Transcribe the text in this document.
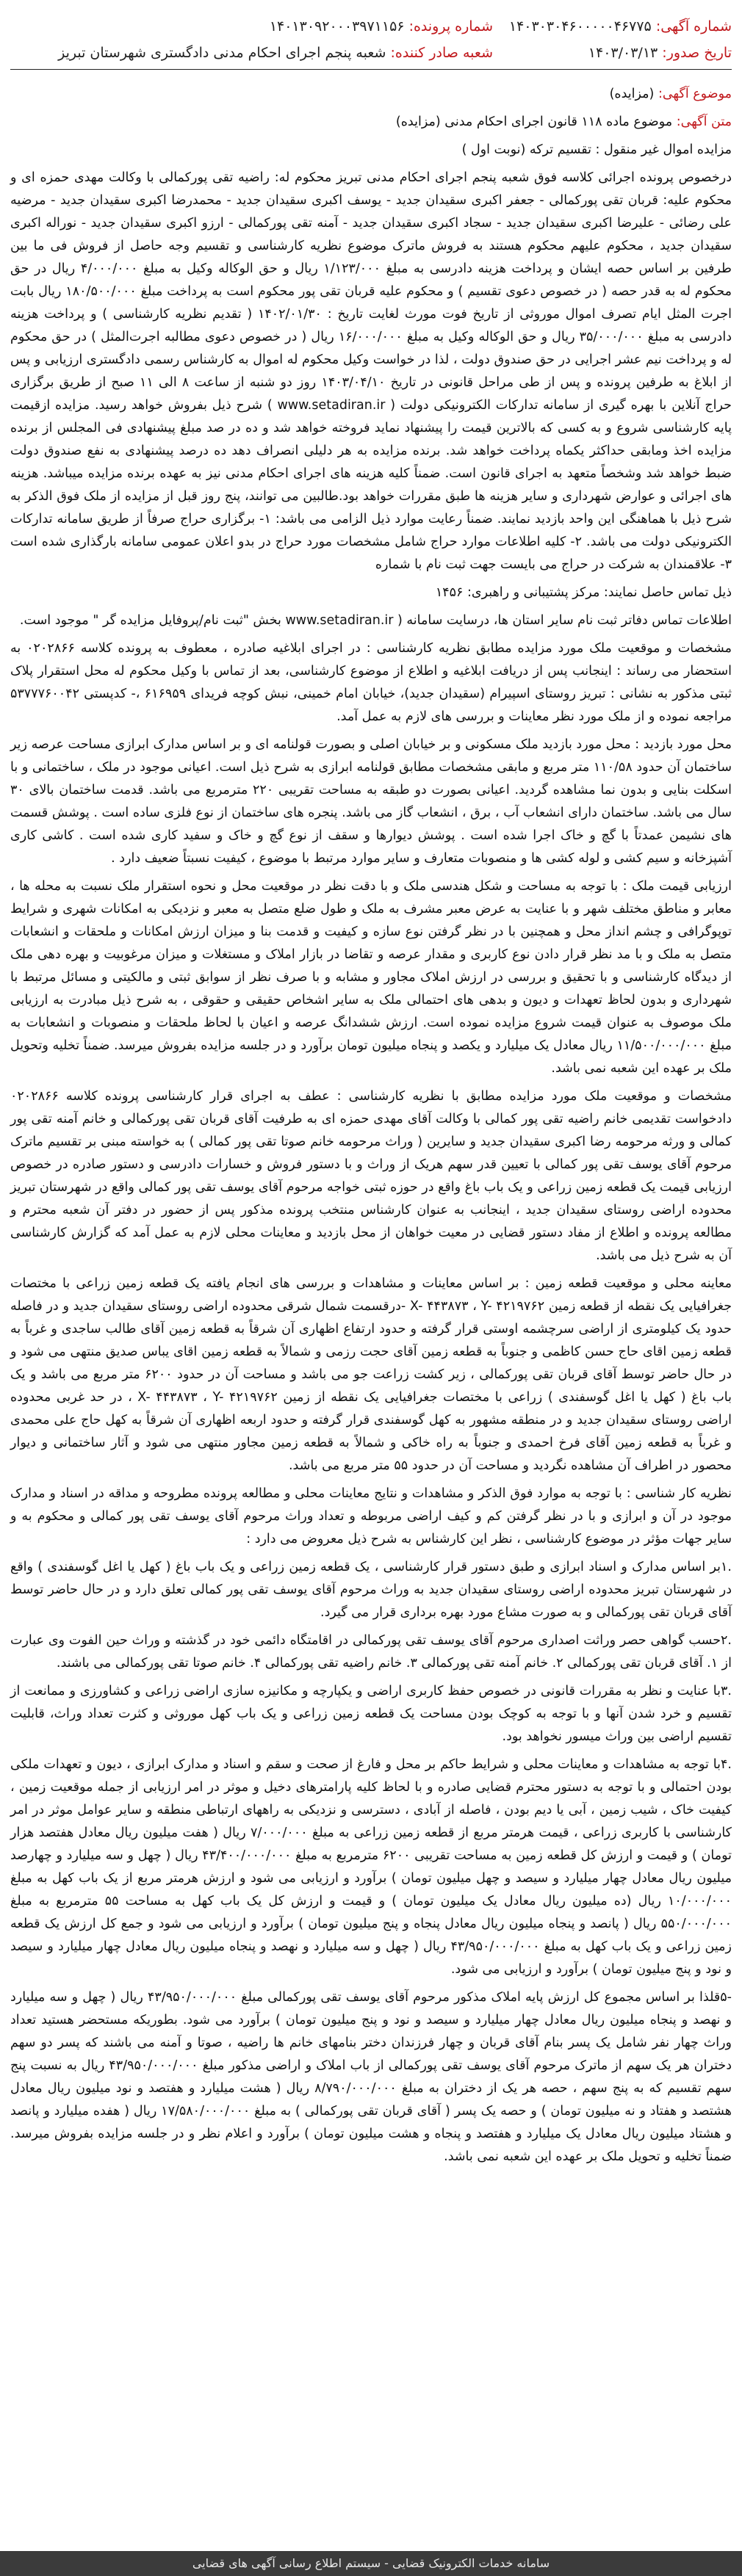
شماره آگهی: ۱۴۰۳۰۳۰۴۶۰۰۰۰۰۴۶۷۷۵
شماره پرونده: ۱۴۰۱۳۰۹۲۰۰۰۳۹۷۱۱۵۶
تاریخ صدور: ۱۴۰۳/۰۳/۱۳
شعبه صادر کننده: شعبه پنجم اجرای احکام مدنی دادگستری شهرستان تبریز

موضوع آگهی: (مزایده)

متن آگهی: موضوع ماده ۱۱۸ قانون اجرای احکام مدنی (مزایده)

مزایده اموال غیر منقول : تقسیم ترکه (نوبت اول )

درخصوص پرونده اجرائی کلاسه فوق شعبه پنجم اجرای احکام مدنی تبریز محکوم له: راضیه تقی پورکمالی با وکالت مهدی حمزه ای و محکوم علیه: قربان تقی پورکمالی - جعفر اکبری سقیدان جدید - یوسف اکبری سقیدان جدید - محمدرضا اکبری سقیدان جدید - مرضیه علی رضائی - علیرضا اکبری سقیدان جدید - سجاد اکبری سقیدان جدید - آمنه تقی پورکمالی - ارزو اکبری سقیدان جدید - نوراله اکبری سقیدان جدید ، محکوم علیهم محکوم هستند به فروش ماترک موضوع نظریه کارشناسی و تقسیم وجه حاصل از فروش فی ما بین طرفین بر اساس حصه ایشان و پرداخت هزینه دادرسی به مبلغ ۱/۱۲۳/۰۰۰ ریال و حق الوکاله وکیل به مبلغ ۴/۰۰۰/۰۰۰ ریال در حق محکوم له به قدر حصه ( در خصوص دعوی تقسیم ) و محکوم علیه قربان تقی پور محکوم است به پرداخت مبلغ ۱۸۰/۵۰۰/۰۰۰ ریال بابت اجرت المثل ایام تصرف اموال موروثی از تاریخ فوت مورث لغایت تاریخ : ۱۴۰۲/۰۱/۳۰ ( تقدیم نظریه کارشناسی ) و پرداخت هزینه دادرسی به مبلغ ۳۵/۰۰۰/۰۰۰ ریال و حق الوکاله وکیل به مبلغ ۱۶/۰۰۰/۰۰۰ ریال ( در خصوص دعوی مطالبه اجرت‌المثل ) در حق محکوم له و پرداخت نیم عشر اجرایی در حق صندوق دولت ، لذا در خواست وکیل محکوم له اموال به کارشناس رسمی دادگستری ارزیابی و پس از ابلاغ به طرفین پرونده و پس از طی مراحل قانونی در تاریخ ۱۴۰۳/۰۴/۱۰ روز دو شنبه از ساعت ۸ الی ۱۱ صبح از طریق برگزاری حراج آنلاین با بهره گیری از سامانه تدارکات الکترونیکی دولت ( www.setadiran.ir ) شرح ذیل بفروش خواهد رسید. مزایده ازقیمت پایه کارشناسی شروع و به کسی که بالاترین قیمت را پیشنهاد نماید فروخته خواهد شد و ده در صد مبلغ پیشنهادی فی المجلس از برنده مزایده اخذ ومابقی حداکثر یکماه پرداخت خواهد شد. برنده مزایده به هر دلیلی انصراف دهد ده درصد پیشنهادی به نفع صندوق دولت ضبط خواهد شد وشخصاً متعهد به اجرای قانون است. ضمناً کلیه هزینه های اجرای احکام مدنی نیز به عهده برنده مزایده میباشد. هزینه های اجرائی و عوارض شهرداری و سایر هزینه ها طبق مقررات خواهد بود.طالبین می توانند، پنج روز قبل از مزایده از ملک فوق الذکر به شرح ذیل با هماهنگی این واحد بازدید نمایند. ضمناً رعایت موارد ذیل الزامی می باشد: ۱- برگزاری حراج صرفاً از طریق سامانه تدارکات الکترونیکی دولت می باشد. ۲- کلیه اطلاعات موارد حراج شامل مشخصات مورد حراج در بدو اعلان عمومی سامانه بارگذاری شده است ۳- علاقمندان به شرکت در حراج می بایست جهت ثبت نام با شماره

ذیل تماس حاصل نمایند: مرکز پشتیبانی و راهبری: ۱۴۵۶

اطلاعات تماس دفاتر ثبت نام سایر استان ها، درسایت سامانه ( www.setadiran.ir بخش "ثبت نام/پروفایل مزایده گر " موجود است.

مشخصات و موقعیت ملک مورد مزایده مطابق نظریه کارشناسی : در اجرای ابلاغیه صادره ، معطوف به پرونده کلاسه ۰۲۰۲۸۶۶ به استحضار می رساند : اینجانب پس از دریافت ابلاغیه و اطلاع از موضوع کارشناسی، بعد از تماس با وکیل محکوم له محل استقرار پلاک ثبتی مذکور به نشانی : تبریز روستای اسپیرام (سقیدان جدید)، خیابان امام خمینی، نبش کوچه فریدای ۶۱۶۹۵۹ ،- کدپستی ۵۳۷۷۷۶۰۰۴۲ مراجعه نموده و از ملک مورد نظر معاینات و بررسی های لازم به عمل آمد.

محل مورد بازدید : محل مورد بازدید ملک مسکونی و بر خیابان اصلی و بصورت قولنامه ای و بر اساس مدارک ابرازی مساحت عرصه زیر ساختمان آن حدود ۱۱۰/۵۸ متر مربع و مابقی مشخصات مطابق قولنامه ابرازی به شرح ذیل است. اعیانی موجود در ملک ، ساختمانی و با اسکلت بنایی و بدون نما مشاهده گردید. اعیانی بصورت دو طبقه به مساحت تقریبی ۲۲۰ مترمربع می باشد. قدمت ساختمان بالای ۳۰ سال می باشد. ساختمان دارای انشعاب آب ، برق ، انشعاب گاز می باشد. پنجره های ساختمان از نوع فلزی ساده است . پوشش قسمت های نشیمن عمدتاً با گچ و خاک اجرا شده است . پوشش دیوارها و سقف از نوع گچ و خاک و سفید کاری شده است . کاشی کاری آشپزخانه و سیم کشی و لوله کشی ها و منصوبات متعارف و سایر موارد مرتبط با موضوع ، کیفیت نسبتاً ضعیف دارد .

ارزیابی قیمت ملک : با توجه به مساحت و شکل هندسی ملک و با دقت نظر در موقعیت محل و نحوه استقرار ملک نسبت به محله ها ، معابر و مناطق مختلف شهر و با عنایت به عرض معبر مشرف به ملک و طول ضلع متصل به معبر و نزدیکی به امکانات شهری و شرایط توپوگرافی و چشم انداز محل و همچنین با در نظر گرفتن نوع سازه و کیفیت و قدمت بنا و میزان ارزش امکانات و ملحقات و انشعابات متصل به ملک و با مد نظر قرار دادن نوع کاربری و مقدار عرصه و تقاضا در بازار املاک و مستغلات و میزان مرغوبیت و بهره دهی ملک از دیدگاه کارشناسی و با تحقیق و بررسی در ارزش املاک مجاور و مشابه و با صرف نظر از سوابق ثبتی و مالکیتی و مسائل مرتبط با شهرداری و بدون لحاظ تعهدات و دیون و بدهی های احتمالی ملک به سایر اشخاص حقیقی و حقوقی ، به شرح ذیل مبادرت به ارزیابی ملک موصوف به عنوان قیمت شروع مزایده نموده است. ارزش ششدانگ عرصه و اعیان با لحاظ ملحقات و منصوبات و انشعابات به مبلغ ۱۱/۵۰۰/۰۰۰/۰۰۰ ریال معادل یک میلیارد و یکصد و پنجاه میلیون تومان برآورد و در جلسه مزایده بفروش میرسد. ضمناً تخلیه وتحویل ملک بر عهده این شعبه نمی باشد.

مشخصات و موقعیت ملک مورد مزایده مطابق با نظریه کارشناسی : عطف به اجرای قرار کارشناسی پرونده کلاسه ۰۲۰۲۸۶۶ دادخواست تقدیمی خانم راضیه تقی پور کمالی با وکالت آقای مهدی حمزه ای به طرفیت آقای قربان تقی پورکمالی و خانم آمنه تقی پور کمالی و ورثه مرحومه رضا اکبری سقیدان جدید و سایرین ( وراث مرحومه خانم صوتا تقی پور کمالی ) به خواسته مبنی بر تقسیم ماترک مرحوم آقای یوسف تقی پور کمالی با تعیین قدر سهم هریک از وراث و با دستور فروش و خسارات دادرسی و دستور صادره در خصوص ارزیابی قیمت یک قطعه زمین زراعی و یک باب باغ واقع در حوزه ثبتی خواجه مرحوم آقای یوسف تقی پور کمالی واقع در شهرستان تبریز محدوده اراضی روستای سقیدان جدید ، اینجانب به عنوان کارشناس منتخب پرونده مذکور پس از حضور در دفتر آن شعبه محترم و مطالعه پرونده و اطلاع از مفاد دستور قضایی در معیت خواهان از محل بازدید و معاینات محلی لازم به عمل آمد که گزارش کارشناسی آن به شرح ذیل می باشد.

معاینه محلی و موقعیت قطعه زمین : بر اساس معاینات و مشاهدات و بررسی های انجام یافته یک قطعه زمین زراعی با مختصات جغرافیایی یک نقطه از قطعه زمین X- ۴۴۳۸۷۳ ، Y- ۴۲۱۹۷۶۲ -درقسمت شمال شرقی محدوده اراضی روستای سقیدان جدید و در فاصله حدود یک کیلومتری از اراضی سرچشمه اوستی قرار گرفته و حدود ارتفاع اظهاری آن شرقاً به قطعه زمین آقای طالب ساجدی و غرباً به قطعه زمین اقای حاج حسن کاظمی و جنوباً به قطعه زمین آقای حجت رزمی و شمالاً به قطعه زمین اقای یباس صدیق منتهی می شود و در حال حاضر توسط آقای قربان تقی پورکمالی ، زیر کشت زراعت جو می باشد و مساحت آن در حدود ۶۲۰۰ متر مربع می باشد و یک باب باغ ( کهل یا اغل گوسفندی ) زراعی با مختصات جغرافیایی یک نقطه از زمین X- ۴۴۳۸۷۳ ، Y- ۴۲۱۹۷۶۲ ، در حد غربی محدوده اراضی روستای سقیدان جدید و در منطقه مشهور به کهل گوسفندی قرار گرفته و حدود اربعه اظهاری آن شرقاً به کهل حاج علی محمدی و غرباً به قطعه زمین آقای فرخ احمدی و جنوباً به راه خاکی و شمالاً به قطعه زمین مجاور منتهی می شود و آثار ساختمانی و دیوار محصور در اطراف آن مشاهده نگردید و مساحت آن در حدود ۵۵ متر مربع می باشد.

نظریه کار شناسی : با توجه به موارد فوق الذکر و مشاهدات و نتایج معاینات محلی و مطالعه پرونده مطروحه و مداقه در اسناد و مدارک موجود در آن و ابرازی و با در نظر گرفتن کم و کیف اراضی مربوطه و تعداد وراث مرحوم آقای یوسف تقی پور کمالی و محکوم به و سایر جهات مؤثر در موضوع کارشناسی ، نظر این کارشناس به شرح ذیل معروض می دارد :

.۱بر اساس مدارک و اسناد ابرازی و طبق دستور قرار کارشناسی ، یک قطعه زمین زراعی و یک باب باغ ( کهل یا اغل گوسفندی ) واقع در شهرستان تبریز محدوده اراضی روستای سقیدان جدید به وراث مرحوم آقای یوسف تقی پور کمالی تعلق دارد و در حال حاضر توسط آقای قربان تقی پورکمالی و به صورت مشاع مورد بهره برداری قرار می گیرد.

.۲حسب گواهی حصر وراثت اصداری مرحوم آقای یوسف تقی پورکمالی در اقامتگاه دائمی خود در گذشته و وراث حین الفوت وی عبارت از ۱. آقای قربان تقی پورکمالی ۲. خانم آمنه تقی پورکمالی ۳. خانم راضیه تقی پورکمالی ۴. خانم صوتا تقی پورکمالی می باشند.

.۳با عنایت و نظر به مقررات قانونی در خصوص حفظ کاربری اراضی و یکپارچه و مکانیزه سازی اراضی زراعی و کشاورزی و ممانعت از تقسیم و خرد شدن آنها و با توجه به کوچک بودن مساحت یک قطعه زمین زراعی و یک باب کهل موروثی و کثرت تعداد وراث، قابلیت تقسیم اراضی بین وراث میسور نخواهد بود.

.۴با توجه به مشاهدات و معاینات محلی و شرایط حاکم بر محل و فارغ از صحت و سقم و اسناد و مدارک ابرازی ، دیون و تعهدات ملکی بودن احتمالی و با توجه به دستور محترم قضایی صادره و با لحاظ کلیه پارامترهای دخیل و موثر در امر ارزیابی از جمله موقعیت زمین ، کیفیت خاک ، شیب زمین ، آبی یا دیم بودن ، فاصله از آبادی ، دسترسی و نزدیکی به راههای ارتباطی منطقه و سایر عوامل موثر در امر کارشناسی با کاربری زراعی ، قیمت هرمتر مربع از قطعه زمین زراعی به مبلغ ۷/۰۰۰/۰۰۰ ریال ( هفت میلیون ریال معادل هفتصد هزار تومان ) و قیمت و ارزش کل قطعه زمین به مساحت تقریبی ۶۲۰۰ مترمربع به مبلغ ۴۳/۴۰۰/۰۰۰/۰۰۰ ریال ( چهل و سه میلیارد و چهارصد میلیون ریال معادل چهار میلیارد و سیصد و چهل میلیون تومان ) برآورد و ارزیابی می شود و ارزش هرمتر مربع از یک باب کهل به مبلغ ۱۰/۰۰۰/۰۰۰ ریال (ده میلیون ریال معادل یک میلیون تومان ) و قیمت و ارزش کل یک باب کهل به مساحت ۵۵ مترمربع به مبلغ ۵۵۰/۰۰۰/۰۰۰ ریال ( پانصد و پنجاه میلیون ریال معادل پنجاه و پنج میلیون تومان ) برآورد و ارزیابی می شود و جمع کل ارزش یک قطعه زمین زراعی و یک باب کهل به مبلغ ۴۳/۹۵۰/۰۰۰/۰۰۰ ریال ( چهل و سه میلیارد و نهصد و پنجاه میلیون ریال معادل چهار میلیارد و سیصد و نود و پنج میلیون تومان ) برآورد و ارزیابی می شود.

-۵قلذا بر اساس مجموع کل ارزش پایه املاک مذکور مرحوم آقای یوسف تقی پورکمالی مبلغ ۴۳/۹۵۰/۰۰۰/۰۰۰ ریال ( چهل و سه میلیارد و نهصد و پنجاه میلیون ریال معادل چهار میلیارد و سیصد و نود و پنج میلیون تومان ) برآورد می شود. بطوریکه مستحضر هستید تعداد وراث چهار نفر شامل یک پسر بنام آقای قربان و چهار فرزندان دختر بنامهای خانم ها راضیه ، صوتا و آمنه می باشند که پسر دو سهم دختران هر یک سهم از ماترک مرحوم آقای یوسف تقی پورکمالی از باب املاک و اراضی مذکور مبلغ ۴۳/۹۵۰/۰۰۰/۰۰۰ ریال به نسبت پنج سهم تقسیم که به پنج سهم ، حصه هر یک از دختران به مبلغ ۸/۷۹۰/۰۰۰/۰۰۰ ریال ( هشت میلیارد و هفتصد و نود میلیون ریال معادل هشتصد و هفتاد و نه میلیون تومان ) و حصه یک پسر ( آقای قربان تقی پورکمالی ) به مبلغ ۱۷/۵۸۰/۰۰۰/۰۰۰ ریال ( هفده میلیارد و پانصد و هشتاد میلیون ریال معادل یک میلیارد و هفتصد و پنجاه و هشت میلیون تومان ) برآورد و اعلام نظر و در جلسه مزایده بفروش میرسد. ضمناً تخلیه و تحویل ملک بر عهده این شعبه نمی باشد.

سامانه خدمات الکترونیک قضایی - سیستم اطلاع رسانی آگهی های قضایی
